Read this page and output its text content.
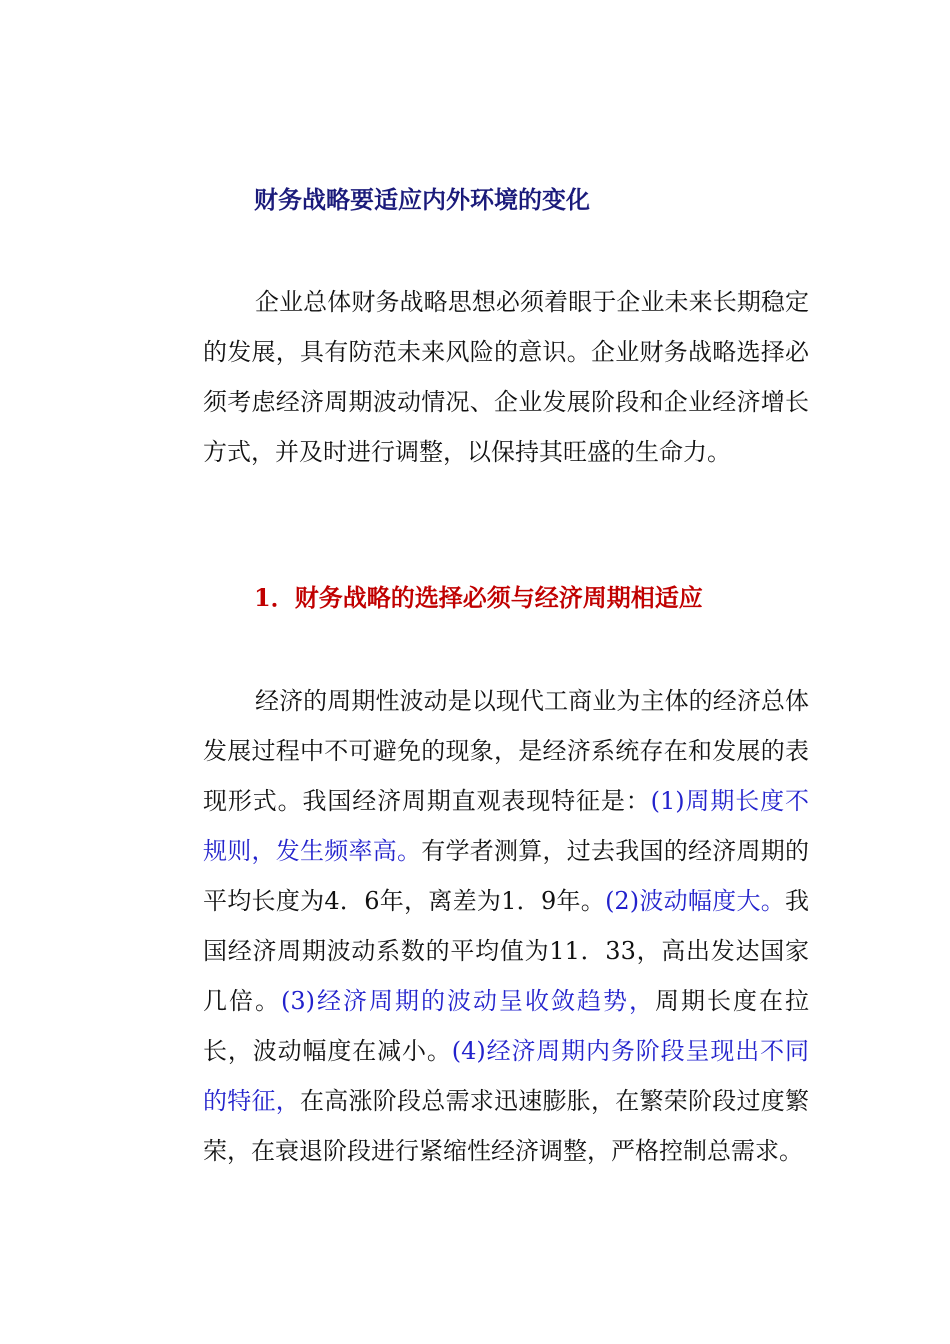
财务战略要适应内外环境的变化

企业总体财务战略思想必须着眼于企业未来长期稳定的发展，具有防范未来风险的意识。企业财务战略选择必须考虑经济周期波动情况、企业发展阶段和企业经济增长方式，并及时进行调整，以保持其旺盛的生命力。

1．财务战略的选择必须与经济周期相适应

经济的周期性波动是以现代工商业为主体的经济总体发展过程中不可避免的现象，是经济系统存在和发展的表现形式。我国经济周期直观表现特征是：(1)周期长度不规则，发生频率高。有学者测算，过去我国的经济周期的平均长度为4．6年，离差为1．9年。(2)波动幅度大。我国经济周期波动系数的平均值为11．33，高出发达国家几倍。(3)经济周期的波动呈收敛趋势，周期长度在拉长，波动幅度在减小。(4)经济周期内务阶段呈现出不同的特征，在高涨阶段总需求迅速膨胀，在繁荣阶段过度繁荣，在衰退阶段进行紧缩性经济调整，严格控制总需求。
